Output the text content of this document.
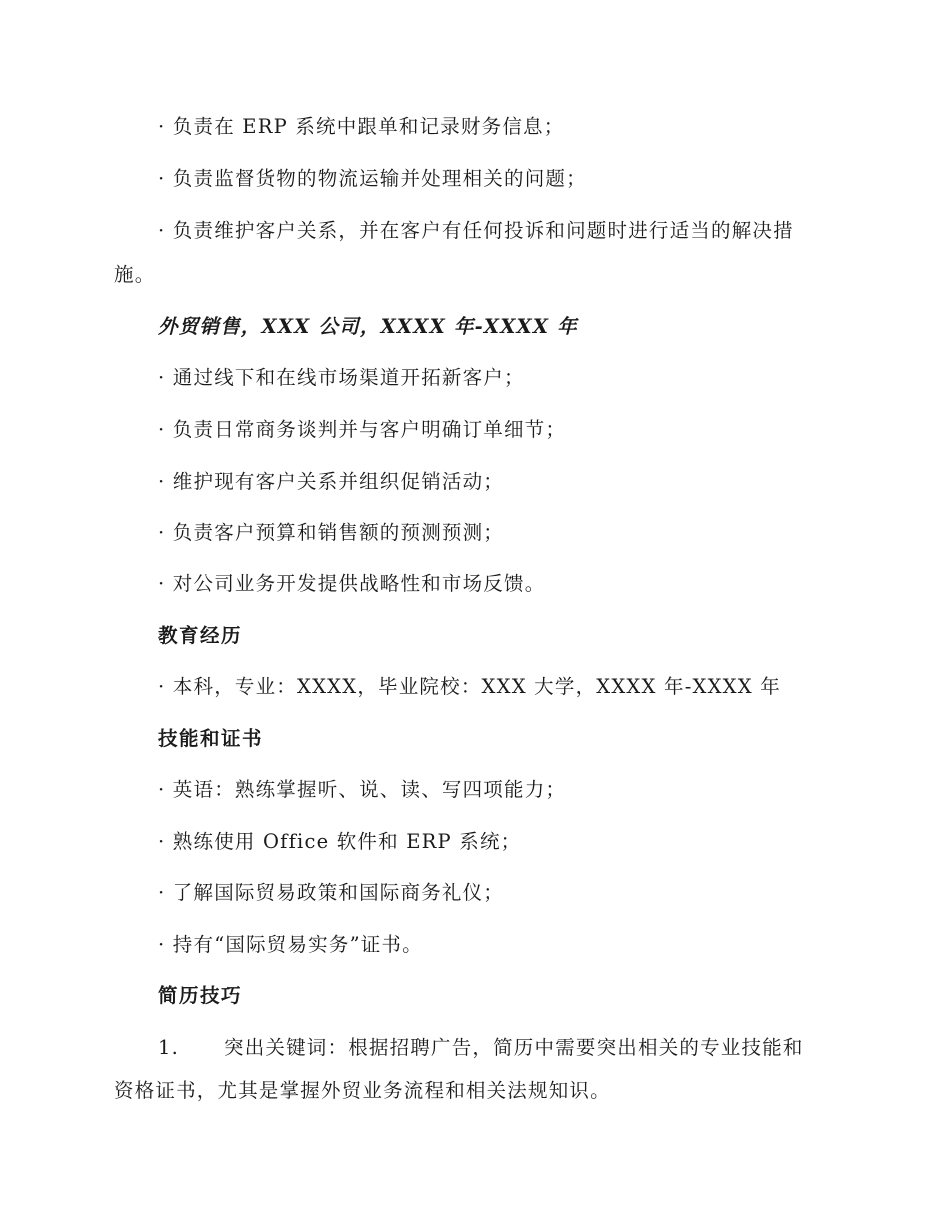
· 负责在 ERP 系统中跟单和记录财务信息；
· 负责监督货物的物流运输并处理相关的问题；
· 负责维护客户关系，并在客户有任何投诉和问题时进行适当的解决措
施。
外贸销售，XXX 公司，XXXX 年-XXXX 年
· 通过线下和在线市场渠道开拓新客户；
· 负责日常商务谈判并与客户明确订单细节；
· 维护现有客户关系并组织促销活动；
· 负责客户预算和销售额的预测预测；
· 对公司业务开发提供战略性和市场反馈。
教育经历
· 本科，专业：XXXX，毕业院校：XXX 大学，XXXX 年-XXXX 年
技能和证书
· 英语：熟练掌握听、说、读、写四项能力；
· 熟练使用 Office 软件和 ERP 系统；
· 了解国际贸易政策和国际商务礼仪；
· 持有“国际贸易实务”证书。
简历技巧
1. 突出关键词：根据招聘广告，简历中需要突出相关的专业技能和
资格证书，尤其是掌握外贸业务流程和相关法规知识。
